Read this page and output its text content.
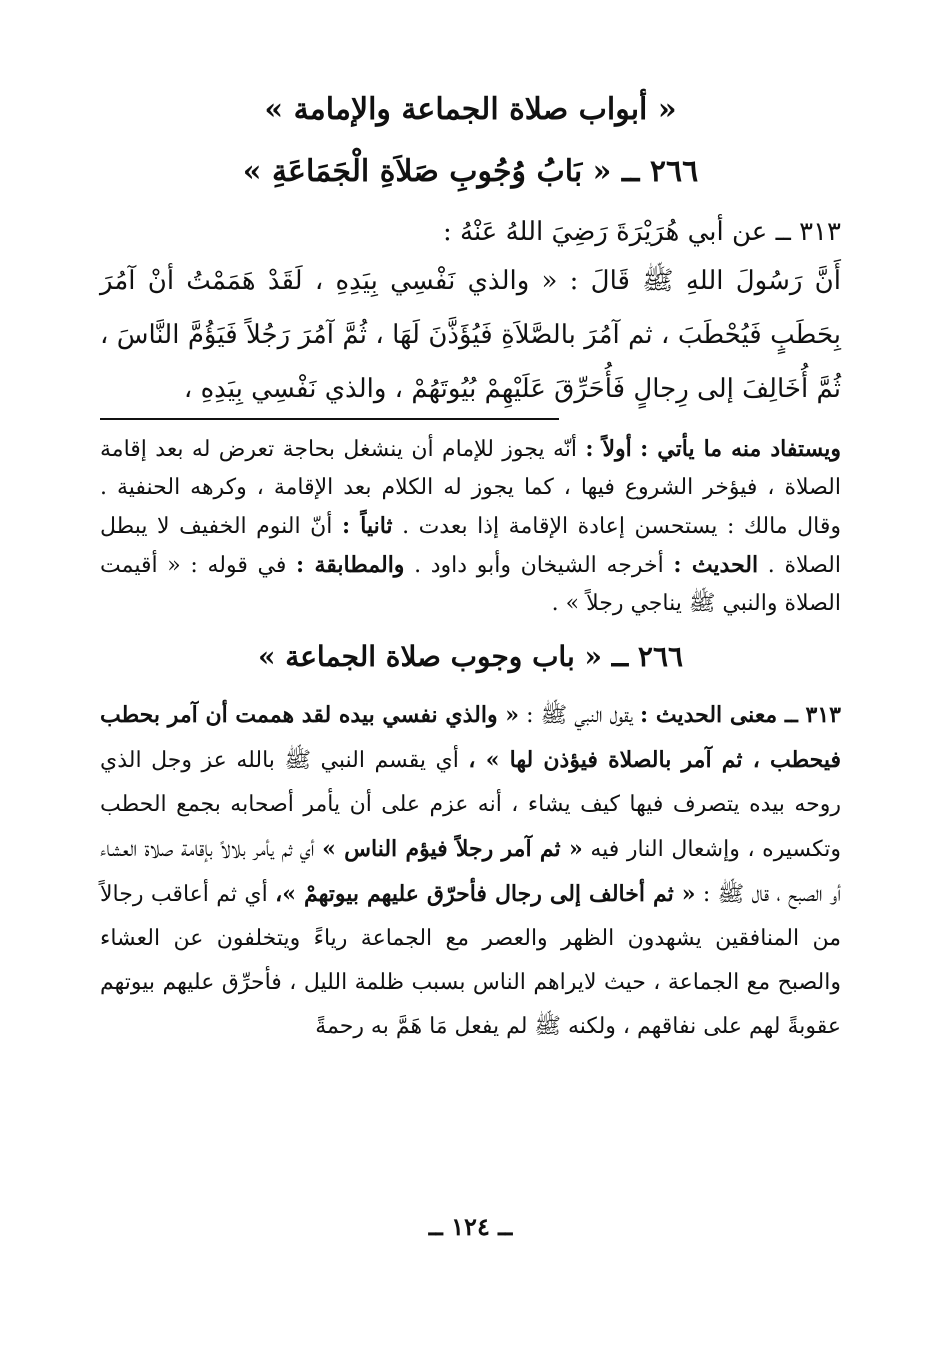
« أبواب صلاة الجماعة والإمامة »
٢٦٦ ــ « بَابُ وُجُوبِ صَلاَةِ الْجَمَاعَةِ »

٣١٣ ــ عن أبي هُرَيْرَةَ رَضِيَ اللهُ عَنْهُ :

أَنَّ رَسُولَ اللهِ ﷺ قَالَ : « والذي نَفْسِي بِيَدِهِ ، لَقَدْ هَمَمْتُ أنْ آمُرَ بِحَطَبٍ فَيُحْطَبَ ، ثم آمُرَ بالصَّلاَةِ فَيُؤَذَّنَ لَهَا ، ثُمَّ آمُرَ رَجُلاً فَيَؤُمَّ النَّاسَ ، ثُمَّ أُخَالِفَ إلى رِجالٍ فَأُحَرِّقَ عَلَيْهِمْ بُيُوتَهُمْ ، والذي نَفْسِي بِيَدِهِ ،

ويستفاد منه ما يأتي : أولاً : أنّه يجوز للإمام أن ينشغل بحاجة تعرض له بعد إقامة الصلاة ، فيؤخر الشروع فيها ، كما يجوز له الكلام بعد الإقامة ، وكرهه الحنفية . وقال مالك : يستحسن إعادة الإقامة إذا بعدت . ثانياً : أنّ النوم الخفيف لا يبطل الصلاة . الحديث : أخرجه الشيخان وأبو داود . والمطابقة : في قوله : « أقيمت الصلاة والنبي ﷺ يناجي رجلاً » .

٢٦٦ ــ « باب وجوب صلاة الجماعة »

٣١٣ ــ معنى الحديث : يقول النبي ﷺ : « والذي نفسي بيده لقد هممت أن آمر بحطب فيحطب ، ثم آمر بالصلاة فيؤذن لها » ، أي يقسم النبي ﷺ بالله عز وجل الذي روحه بيده يتصرف فيها كيف يشاء ، أنه عزم على أن يأمر أصحابه بجمع الحطب وتكسيره ، وإشعال النار فيه « ثم آمر رجلاً فيؤم الناس » أي ثم يأمر بلالاً بإقامة صلاة العشاء أو الصبح ، قال ﷺ : « ثم أخالف إلى رجال فأحرّق عليهم بيوتهمْ »، أي ثم أعاقب رجالاً من المنافقين يشهدون الظهر والعصر مع الجماعة رياءً ويتخلفون عن العشاء والصبح مع الجماعة ، حيث لايراهم الناس بسبب ظلمة الليل ، فأحرِّق عليهم بيوتهم عقوبةً لهم على نفاقهم ، ولكنه ﷺ لم يفعل مَا هَمَّ به رحمةً

ــ ١٢٤ ــ
